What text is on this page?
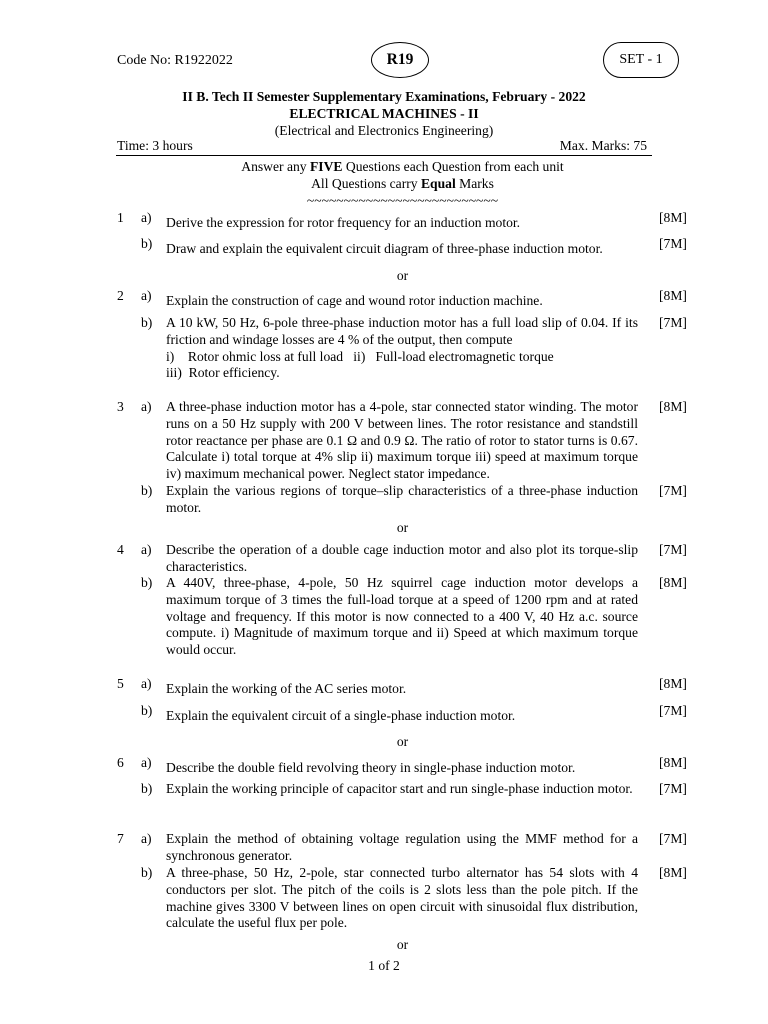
Code No: R1922022	R19	SET - 1
II B. Tech II Semester Supplementary Examinations, February - 2022
ELECTRICAL MACHINES - II
(Electrical and Electronics Engineering)
Time: 3 hours	Max. Marks: 75
Answer any FIVE Questions each Question from each unit
All Questions carry Equal Marks
~~~~~~~~~~~~~~~~~~~~~~~~~~
1 a) Derive the expression for rotor frequency for an induction motor.	[8M]
b) Draw and explain the equivalent circuit diagram of three-phase induction motor.	[7M]
or
2 a) Explain the construction of cage and wound rotor induction machine.	[8M]
b) A 10 kW, 50 Hz, 6-pole three-phase induction motor has a full load slip of 0.04. If its friction and windage losses are 4 % of the output, then compute
i)    Rotor ohmic loss at full load   ii)   Full-load electromagnetic torque
iii)  Rotor efficiency.
[7M]
3 a) A three-phase induction motor has a 4-pole, star connected stator winding. The motor runs on a 50 Hz supply with 200 V between lines. The rotor resistance and standstill rotor reactance per phase are 0.1 Ω and 0.9 Ω. The ratio of rotor to stator turns is 0.67. Calculate i) total torque at 4% slip ii) maximum torque iii) speed at maximum torque iv) maximum mechanical power. Neglect stator impedance.
[8M]
b) Explain the various regions of torque–slip characteristics of a three-phase induction motor.
[7M]
or
4 a) Describe the operation of a double cage induction motor and also plot its torque-slip characteristics.
[7M]
b) A 440V, three-phase, 4-pole, 50 Hz squirrel cage induction motor develops a maximum torque of 3 times the full-load torque at a speed of 1200 rpm and at rated voltage and frequency. If this motor is now connected to a 400 V, 40 Hz a.c. source compute. i) Magnitude of maximum torque and ii) Speed at which maximum torque would occur.
[8M]
5 a) Explain the working of the AC series motor.	[8M]
b) Explain the equivalent circuit of a single-phase induction motor.	[7M]
or
6 a) Describe the double field revolving theory in single-phase induction motor.	[8M]
b) Explain the working principle of capacitor start and run single-phase induction motor.	[7M]
7 a) Explain the method of obtaining voltage regulation using the MMF method for a synchronous generator.
[7M]
b) A three-phase, 50 Hz, 2-pole, star connected turbo alternator has 54 slots with 4 conductors per slot. The pitch of the coils is 2 slots less than the pole pitch. If the machine gives 3300 V between lines on open circuit with sinusoidal flux distribution, calculate the useful flux per pole.
[8M]
or
1 of 2
